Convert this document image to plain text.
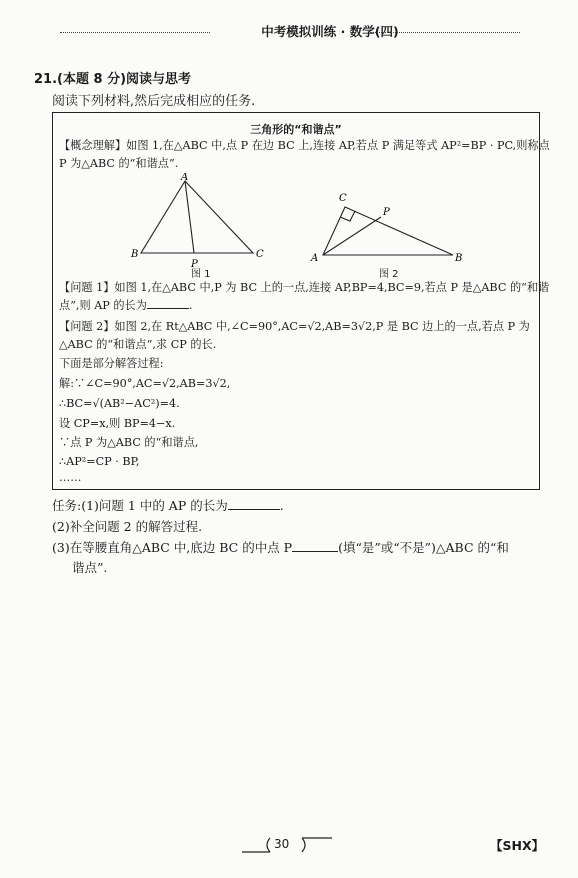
中考模拟训练 · 数学(四)
21.(本题 8 分)阅读与思考
阅读下列材料,然后完成相应的任务.
三角形的“和谐点”
【概念理解】如图 1,在△ABC 中,点 P 在边 BC 上,连接 AP,若点 P 满足等式 AP²=BP · PC,则称点
P 为△ABC 的“和谐点”.
A
B
P
C
图 1
C
P
A	B
图 2
【问题 1】如图 1,在△ABC 中,P 为 BC 上的一点,连接 AP,BP=4,BC=9,若点 P 是△ABC 的“和谐
点”,则 AP 的长为	.
【问题 2】如图 2,在 Rt△ABC 中,∠C=90°,AC=√2,AB=3√2,P 是 BC 边上的一点,若点 P 为
△ABC 的“和谐点”,求 CP 的长.
下面是部分解答过程:
解:∵∠C=90°,AC=√2,AB=3√2,
∴BC=√(AB²−AC²)=4.
设 CP=x,则 BP=4−x.
∵点 P 为△ABC 的“和谐点,
∴AP²=CP · BP,
……
任务:(1)问题 1 中的 AP 的长为	.
(2)补全问题 2 的解答过程.
(3)在等腰直角△ABC 中,底边 BC 的中点 P	(填“是”或“不是”)△ABC 的“和
谐点”.
30	【SHX】
